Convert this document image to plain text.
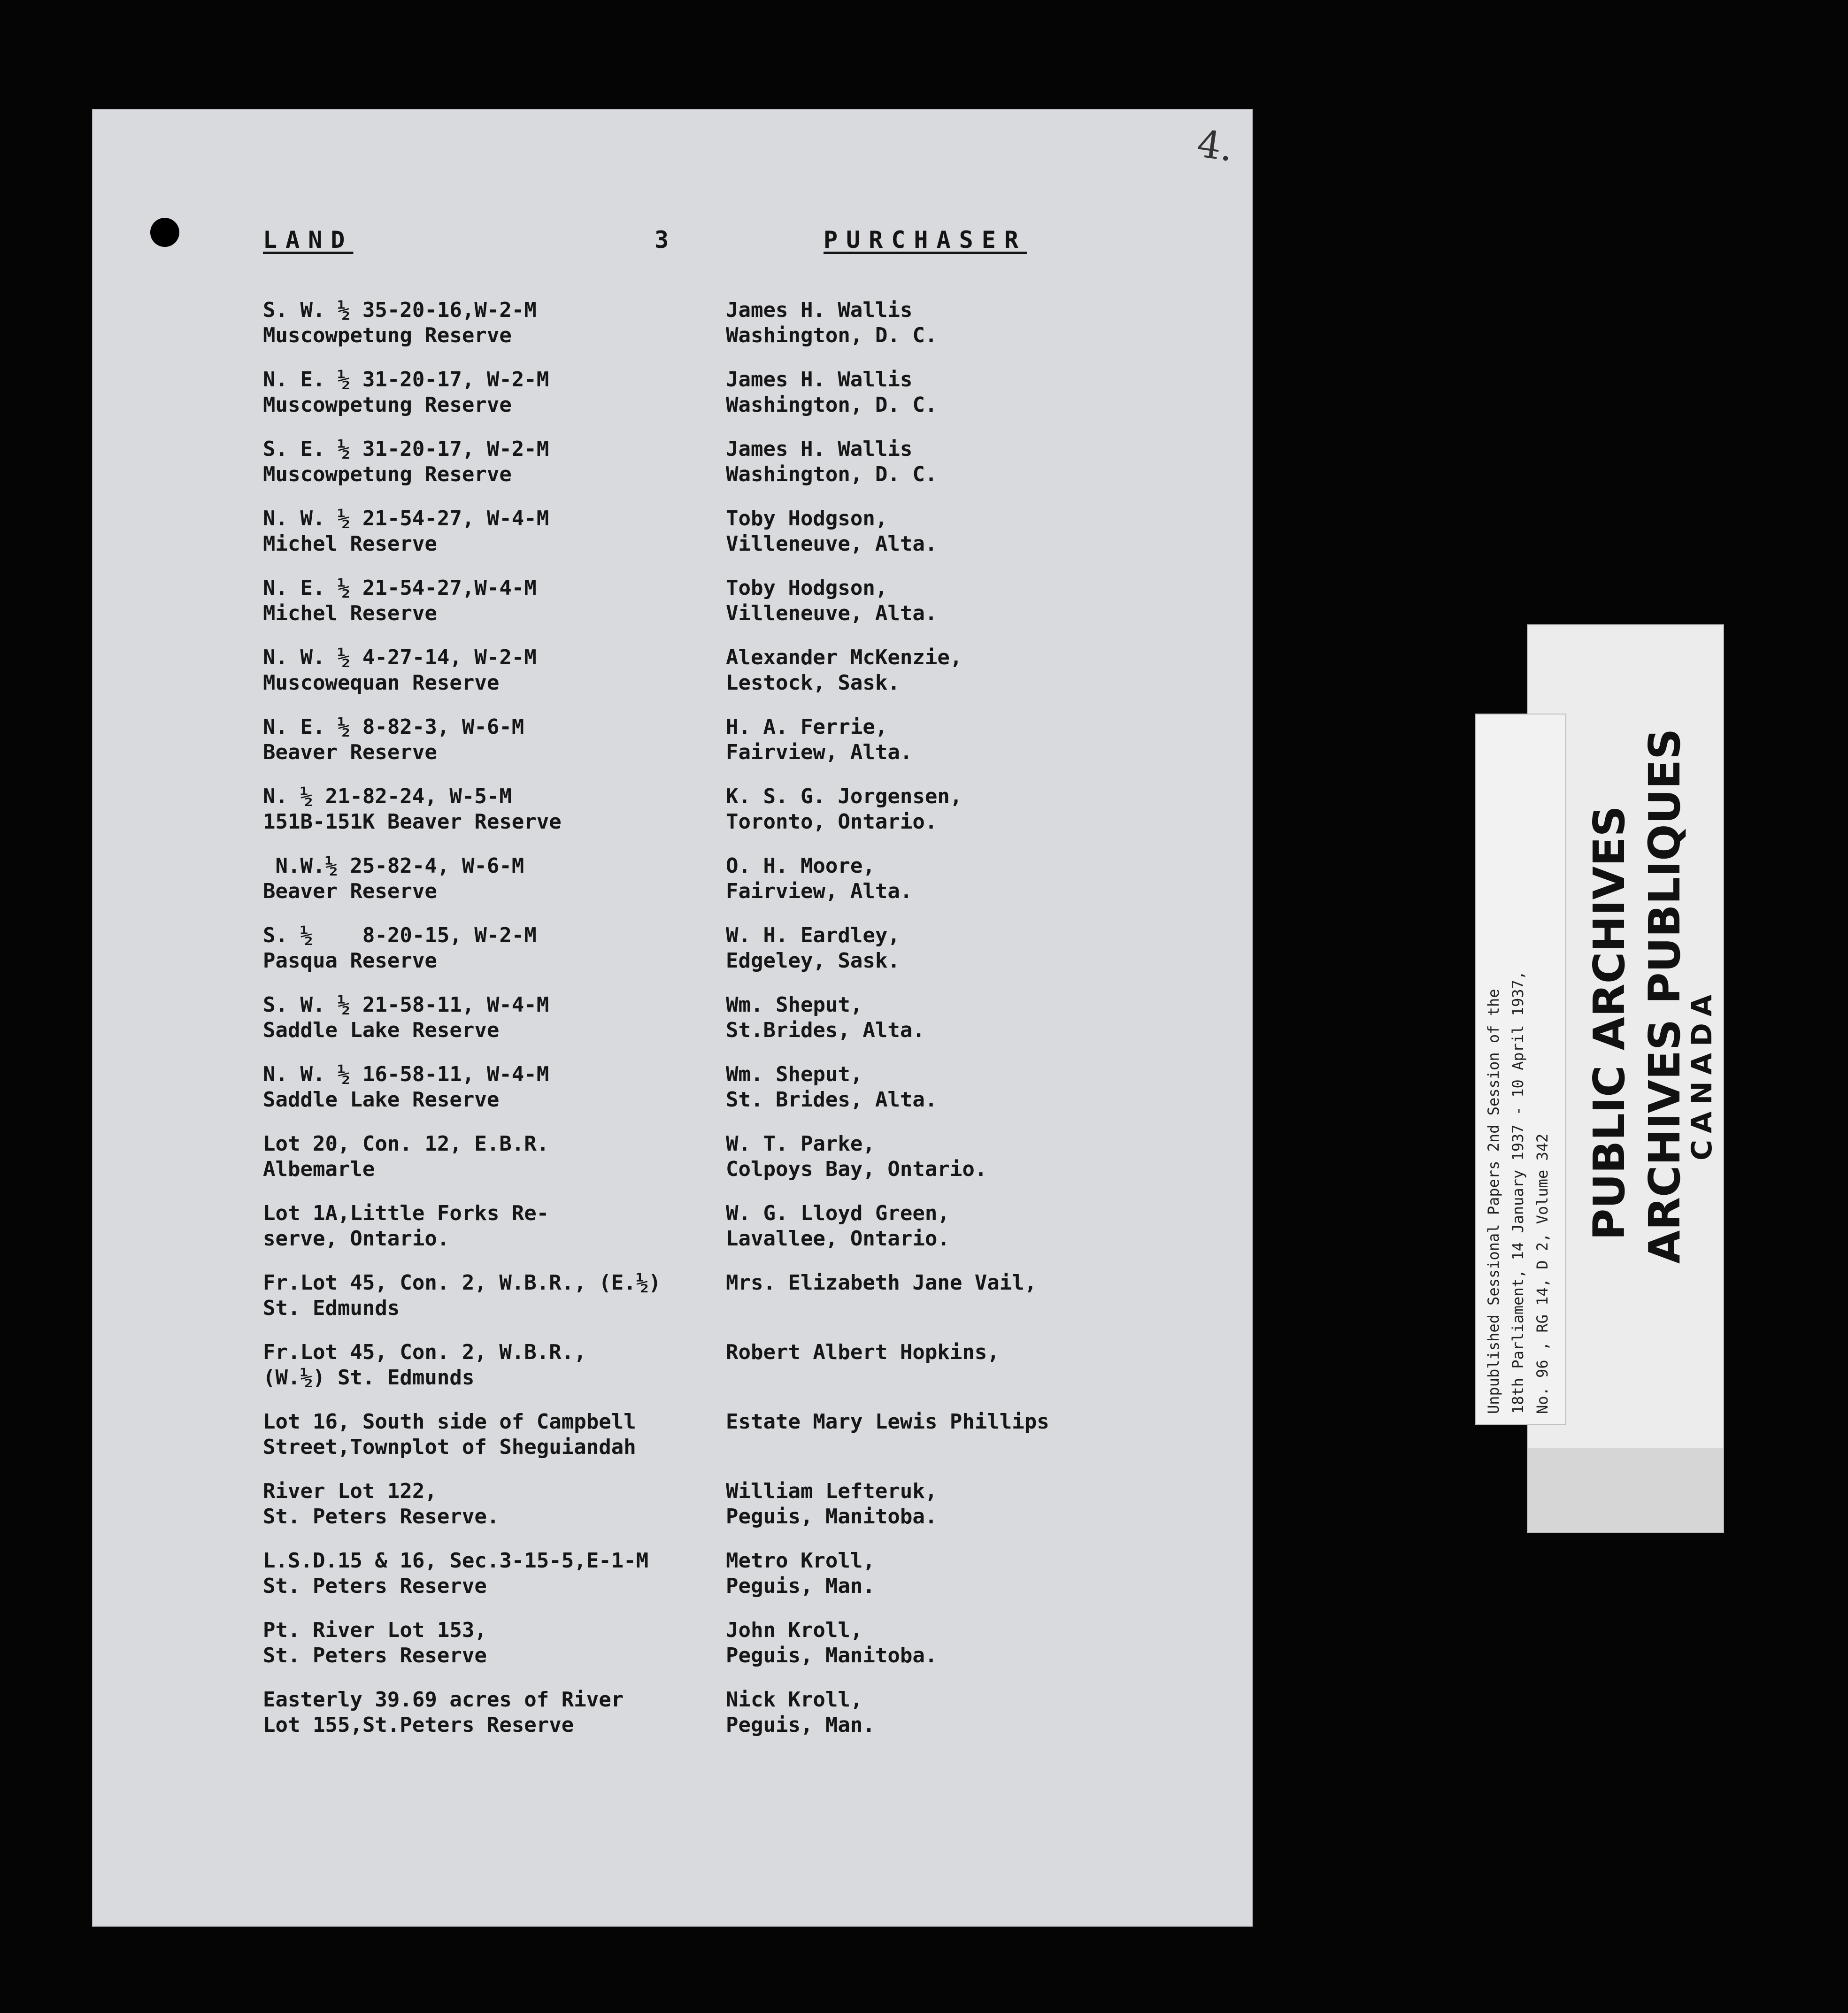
4.
LAND	3	PURCHASER
S. W. ½ 35-20-16,W-2-M
Muscowpetung Reserve
James H. Wallis
Washington, D. C.
N. E. ½ 31-20-17, W-2-M
Muscowpetung Reserve
James H. Wallis
Washington, D. C.
S. E. ½ 31-20-17, W-2-M
Muscowpetung Reserve
James H. Wallis
Washington, D. C.
N. W. ½ 21-54-27, W-4-M
Michel Reserve
Toby Hodgson,
Villeneuve, Alta.
N. E. ½ 21-54-27,W-4-M
Michel Reserve
Toby Hodgson,
Villeneuve, Alta.
N. W. ½ 4-27-14, W-2-M
Muscowequan Reserve
Alexander McKenzie,
Lestock, Sask.
N. E. ½ 8-82-3, W-6-M
Beaver Reserve
H. A. Ferrie,
Fairview, Alta.
N. ½ 21-82-24, W-5-M
151B-151K Beaver Reserve
K. S. G. Jorgensen,
Toronto, Ontario.
N.W.½ 25-82-4, W-6-M
Beaver Reserve
O. H. Moore,
Fairview, Alta.
S. ½    8-20-15, W-2-M
Pasqua Reserve
W. H. Eardley,
Edgeley, Sask.
S. W. ½ 21-58-11, W-4-M
Saddle Lake Reserve
Wm. Sheput,
St.Brides, Alta.
N. W. ½ 16-58-11, W-4-M
Saddle Lake Reserve
Wm. Sheput,
St. Brides, Alta.
Lot 20, Con. 12, E.B.R.
Albemarle
W. T. Parke,
Colpoys Bay, Ontario.
Lot 1A,Little Forks Re-
serve, Ontario.
W. G. Lloyd Green,
Lavallee, Ontario.
Fr.Lot 45, Con. 2, W.B.R., (E.½)
St. Edmunds
Mrs. Elizabeth Jane Vail,
Fr.Lot 45, Con. 2, W.B.R.,
(W.½) St. Edmunds
Robert Albert Hopkins,
Lot 16, South side of Campbell
Street,Townplot of Sheguiandah
Estate Mary Lewis Phillips
River Lot 122,
St. Peters Reserve.
William Lefteruk,
Peguis, Manitoba.
L.S.D.15 & 16, Sec.3-15-5,E-1-M
St. Peters Reserve
Metro Kroll,
Peguis, Man.
Pt. River Lot 153,
St. Peters Reserve
John Kroll,
Peguis, Manitoba.
Easterly 39.69 acres of River
Lot 155,St.Peters Reserve
Nick Kroll,
Peguis, Man.
PUBLIC ARCHIVES ARCHIVES PUBLIQUES
CANADA
Unpublished Sessional Papers 2nd Session of the 18th Parliament, 14 January 1937 - 10 April 1937, No. 96 , RG 14, D 2, Volume 342
